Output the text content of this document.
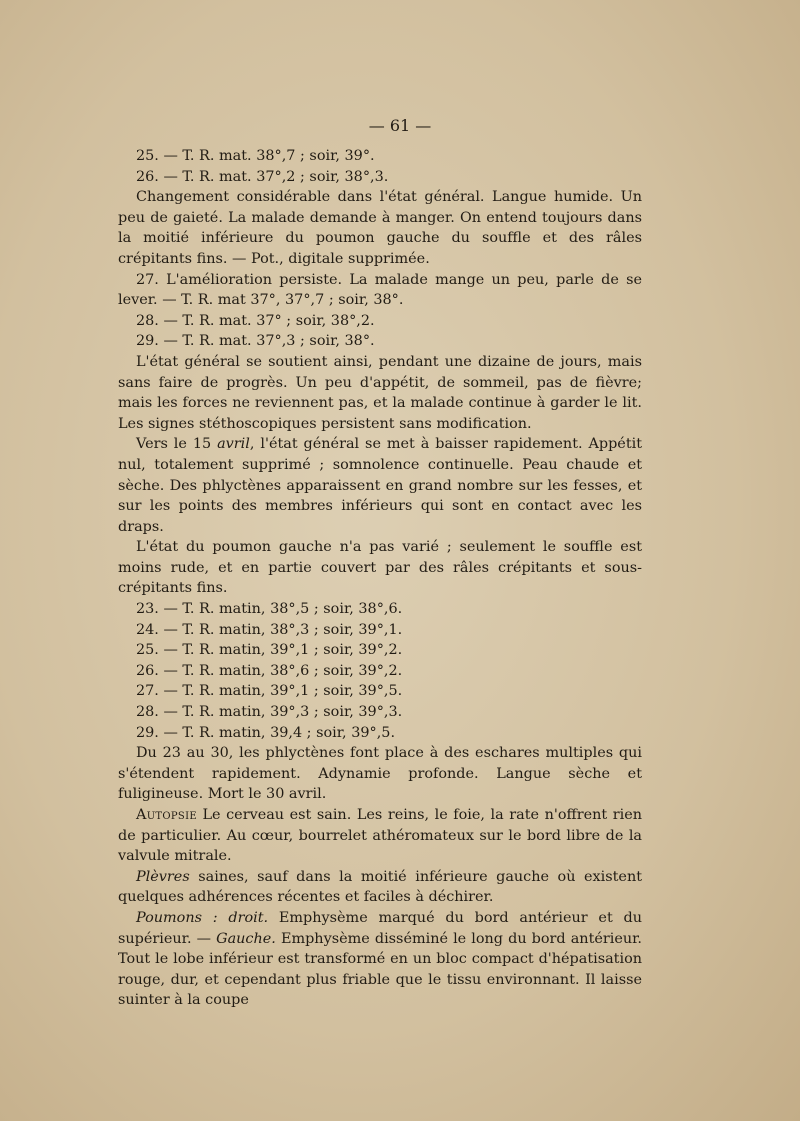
— 61 —

25. — T. R. mat. 38°,7 ; soir, 39°.

26. — T. R. mat. 37°,2 ; soir, 38°,3.

Changement considérable dans l'état général. Langue humide. Un peu de gaieté. La malade demande à manger. On entend toujours dans la moitié inférieure du poumon gauche du souffle et des râles crépitants fins. — Pot., digitale supprimée.

27. L'amélioration persiste. La malade mange un peu, parle de se lever. — T. R. mat 37°, 37°,7 ; soir, 38°.

28. — T. R. mat. 37° ; soir, 38°,2.

29. — T. R. mat. 37°,3 ; soir, 38°.

L'état général se soutient ainsi, pendant une dizaine de jours, mais sans faire de progrès. Un peu d'appétit, de sommeil, pas de fièvre; mais les forces ne reviennent pas, et la malade continue à garder le lit. Les signes stéthoscopiques persistent sans modification.

Vers le 15 avril, l'état général se met à baisser rapidement. Appétit nul, totalement supprimé ; somnolence continuelle. Peau chaude et sèche. Des phlyctènes apparaissent en grand nombre sur les fesses, et sur les points des membres inférieurs qui sont en contact avec les draps.

L'état du poumon gauche n'a pas varié ; seulement le souffle est moins rude, et en partie couvert par des râles crépitants et sous-crépitants fins.

23. — T. R. matin, 38°,5 ; soir, 38°,6.

24. — T. R. matin, 38°,3 ; soir, 39°,1.

25. — T. R. matin, 39°,1 ; soir, 39°,2.

26. — T. R. matin, 38°,6 ; soir, 39°,2.

27. — T. R. matin, 39°,1 ; soir, 39°,5.

28. — T. R. matin, 39°,3 ; soir, 39°,3.

29. — T. R. matin, 39,4 ; soir, 39°,5.

Du 23 au 30, les phlyctènes font place à des eschares multiples qui s'étendent rapidement. Adynamie profonde. Langue sèche et fuligineuse. Mort le 30 avril.

Autopsie Le cerveau est sain. Les reins, le foie, la rate n'offrent rien de particulier. Au cœur, bourrelet athéromateux sur le bord libre de la valvule mitrale.

Plèvres saines, sauf dans la moitié inférieure gauche où existent quelques adhérences récentes et faciles à déchirer.

Poumons : droit. Emphysème marqué du bord antérieur et du supérieur. — Gauche. Emphysème disséminé le long du bord antérieur. Tout le lobe inférieur est transformé en un bloc compact d'hépatisation rouge, dur, et cependant plus friable que le tissu environnant. Il laisse suinter à la coupe
